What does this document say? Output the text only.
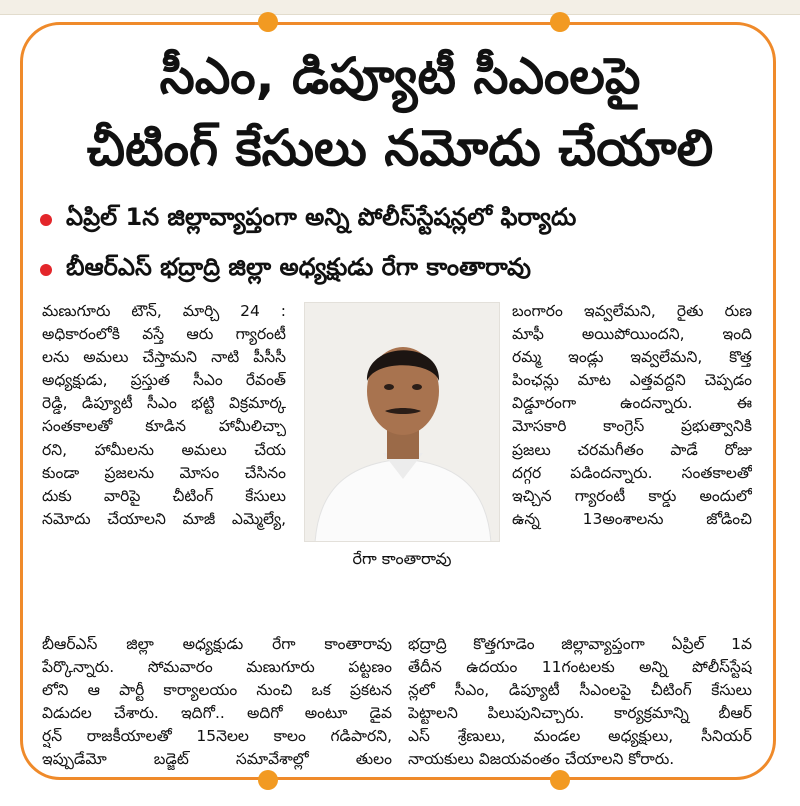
సీఎం, డిప్యూటీ సీఎంలపై
చీటింగ్ కేసులు నమోదు చేయాలి
ఏప్రిల్ 1న జిల్లావ్యాప్తంగా అన్ని పోలీస్‌స్టేషన్లలో ఫిర్యాదు
బీఆర్ఎస్ భద్రాద్రి జిల్లా అధ్యక్షుడు రేగా కాంతారావు
మణుగూరు టౌన్, మార్చి 24 :
అధికారంలోకి వస్తే ఆరు గ్యారంటీ
లను అమలు చేస్తామని నాటి పీసీసీ
అధ్యక్షుడు, ప్రస్తుత సీఎం రేవంత్
రెడ్డి, డిప్యూటీ సీఎం భట్టి విక్రమార్క
సంతకాలతో కూడిన హామీలిచ్చా
రని, హామీలను అమలు చేయ
కుండా ప్రజలను మోసం చేసినం
దుకు వారిపై చీటింగ్ కేసులు
నమోదు చేయాలని మాజీ ఎమ్మెల్యే,
రేగా కాంతారావు
బంగారం ఇవ్వలేమని, రైతు రుణ
మాఫీ అయిపోయిందని, ఇంది
రమ్మ ఇండ్లు ఇవ్వలేమని, కొత్త
పింఛన్లు మాట ఎత్తవద్దని చెప్పడం
విడ్డూరంగా ఉందన్నారు. ఈ
మోసకారి కాంగ్రెస్ ప్రభుత్వానికి
ప్రజలు చరమగీతం పాడే రోజు
దగ్గర పడిందన్నారు. సంతకాలతో
ఇచ్చిన గ్యారంటీ కార్డు అందులో
ఉన్న 13అంశాలను జోడించి
బీఆర్ఎస్ జిల్లా అధ్యక్షుడు రేగా కాంతారావు
పేర్కొన్నారు. సోమవారం మణుగూరు పట్టణం
లోని ఆ పార్టీ కార్యాలయం నుంచి ఒక ప్రకటన
విడుదల చేశారు. ఇదిగో.. అదిగో అంటూ డైవ
ర్షన్ రాజకీయాలతో 15నెలల కాలం గడిపారని,
ఇప్పుడేమో బడ్జెట్ సమావేశాల్లో తులం
భద్రాద్రి కొత్తగూడెం జిల్లావ్యాప్తంగా ఏప్రిల్ 1వ
తేదీన ఉదయం 11గంటలకు అన్ని పోలీస్‌స్టేష
న్లలో సీఎం, డిప్యూటీ సీఎంలపై చీటింగ్ కేసులు
పెట్టాలని పిలుపునిచ్చారు. కార్యక్రమాన్ని బీఆర్
ఎస్ శ్రేణులు, మండల అధ్యక్షులు, సీనియర్
నాయకులు విజయవంతం చేయాలని కోరారు.
